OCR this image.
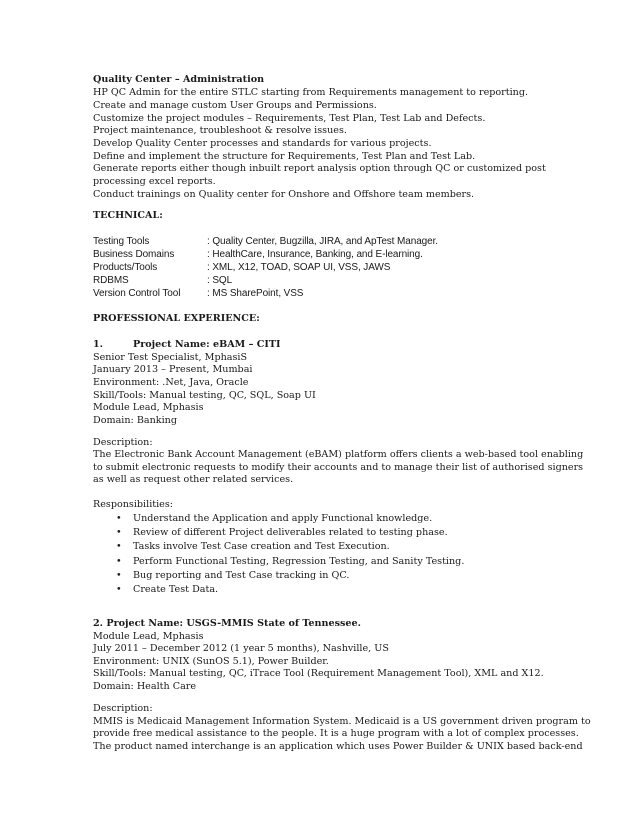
Quality Center – Administration
HP QC Admin for the entire STLC starting from Requirements management to reporting.
Create and manage custom User Groups and Permissions.
Customize the project modules – Requirements, Test Plan, Test Lab and Defects.
Project maintenance, troubleshoot & resolve issues.
Develop Quality Center processes and standards for various projects.
Define and implement the structure for Requirements, Test Plan and Test Lab.
Generate reports either though inbuilt report analysis option through QC or customized post
processing excel reports.
Conduct trainings on Quality center for Onshore and Offshore team members.
TECHNICAL:
Testing Tools	: Quality Center, Bugzilla, JIRA, and ApTest Manager.
Business Domains	: HealthCare, Insurance, Banking, and E-learning.
Products/Tools	: XML, X12, TOAD, SOAP UI, VSS, JAWS
RDBMS	: SQL
Version Control Tool	: MS SharePoint, VSS
PROFESSIONAL EXPERIENCE:
1.	Project Name: eBAM – CITI
Senior Test Specialist, MphasiS
January 2013 – Present, Mumbai
Environment: .Net, Java, Oracle
Skill/Tools: Manual testing, QC, SQL, Soap UI
Module Lead, Mphasis
Domain: Banking
Description:
The Electronic Bank Account Management (eBAM) platform offers clients a web-based tool enabling
to submit electronic requests to modify their accounts and to manage their list of authorised signers
as well as request other related services.
Responsibilities:
• Understand the Application and apply Functional knowledge.
• Review of different Project deliverables related to testing phase.
• Tasks involve Test Case creation and Test Execution.
• Perform Functional Testing, Regression Testing, and Sanity Testing.
• Bug reporting and Test Case tracking in QC.
• Create Test Data.
2. Project Name: USGS-MMIS State of Tennessee.
Module Lead, Mphasis
July 2011 – December 2012 (1 year 5 months), Nashville, US
Environment: UNIX (SunOS 5.1), Power Builder.
Skill/Tools: Manual testing, QC, iTrace Tool (Requirement Management Tool), XML and X12.
Domain: Health Care
Description:
MMIS is Medicaid Management Information System. Medicaid is a US government driven program to
provide free medical assistance to the people. It is a huge program with a lot of complex processes.
The product named interchange is an application which uses Power Builder & UNIX based back-end
